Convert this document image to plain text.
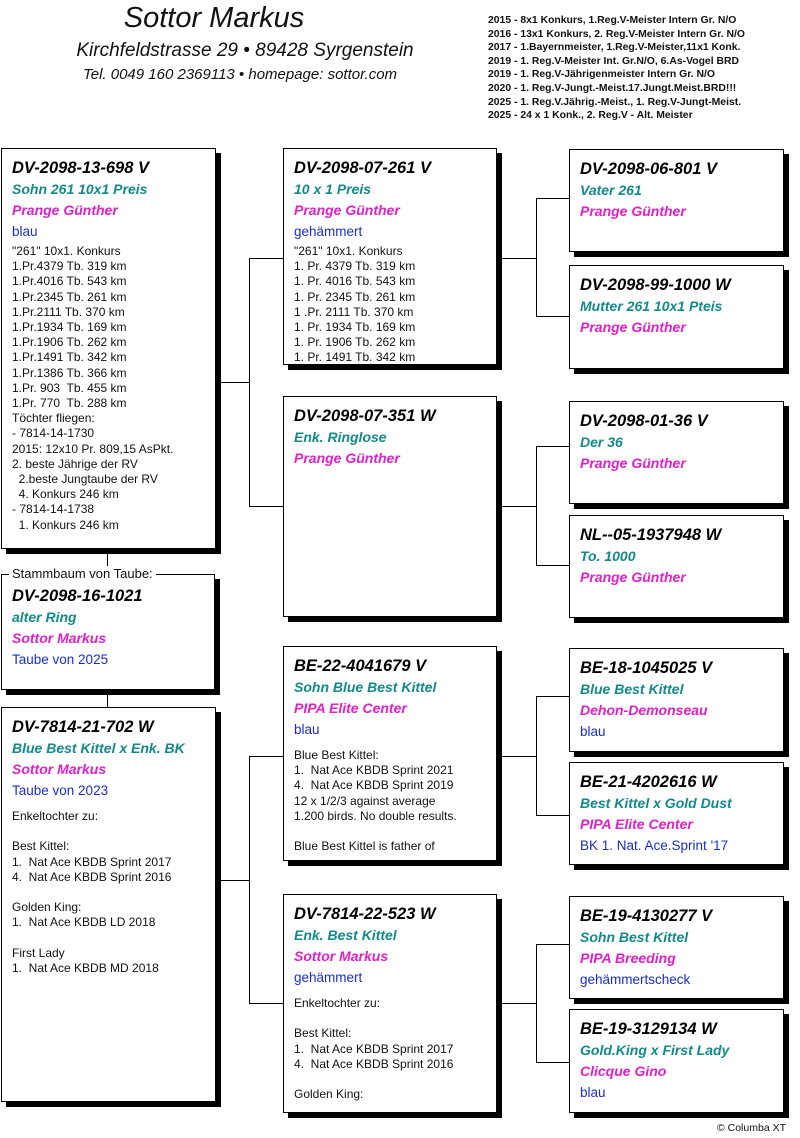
Sottor Markus
Kirchfeldstrasse 29 • 89428 Syrgenstein
Tel. 0049 160 2369113 • homepage: sottor.com
2015 - 8x1 Konkurs, 1.Reg.V-Meister Intern Gr. N/O
2016 - 13x1 Konkurs, 2. Reg.V-Meister Intern Gr. N/O
2017 - 1.Bayernmeister, 1.Reg.V-Meister,11x1 Konk.
2019 - 1. Reg.V-Meister Int. Gr.N/O, 6.As-Vogel BRD
2019 - 1. Reg.V-Jährigenmeister Intern Gr. N/O
2020 - 1. Reg.V-Jungt.-Meist.17.Jungt.Meist.BRD!!!
2025 - 1. Reg.V.Jährig.-Meist., 1. Reg.V-Jungt-Meist.
2025 - 24 x 1 Konk., 2. Reg.V - Alt. Meister
DV-2098-13-698 V
Sohn 261 10x1 Preis
Prange Günther
blau
"261" 10x1. Konkurs
1.Pr.4379 Tb. 319 km
1.Pr.4016 Tb. 543 km
1.Pr.2345 Tb. 261 km
1.Pr.2111 Tb. 370 km
1.Pr.1934 Tb. 169 km
1.Pr.1906 Tb. 262 km
1.Pr.1491 Tb. 342 km
1.Pr.1386 Tb. 366 km
1.Pr. 903  Tb. 455 km
1.Pr. 770  Tb. 288 km
Töchter fliegen:
- 7814-14-1730
2015: 12x10 Pr. 809,15 AsPkt.
2. beste Jährige der RV
2.beste Jungtaube der RV
4. Konkurs 246 km
- 7814-14-1738
1. Konkurs 246 km
DV-2098-16-1021
alter Ring
Sottor Markus
Taube von 2025
Stammbaum von Taube:
DV-7814-21-702 W
Blue Best Kittel x Enk. BK
Sottor Markus
Taube von 2023
Enkeltochter zu:

Best Kittel:
1.  Nat Ace KBDB Sprint 2017
4.  Nat Ace KBDB Sprint 2016

Golden King:
1.  Nat Ace KBDB LD 2018

First Lady
1.  Nat Ace KBDB MD 2018
DV-2098-07-261 V
10 x 1 Preis
Prange Günther
gehämmert
"261" 10x1. Konkurs
1. Pr. 4379 Tb. 319 km
1. Pr. 4016 Tb. 543 km
1. Pr. 2345 Tb. 261 km
1 .Pr. 2111 Tb. 370 km
1. Pr. 1934 Tb. 169 km
1. Pr. 1906 Tb. 262 km
1. Pr. 1491 Tb. 342 km
DV-2098-07-351 W
Enk. Ringlose
Prange Günther
BE-22-4041679 V
Sohn Blue Best Kittel
PIPA Elite Center
blau
Blue Best Kittel:
1.  Nat Ace KBDB Sprint 2021
4.  Nat Ace KBDB Sprint 2019
12 x 1/2/3 against average
1.200 birds. No double results.

Blue Best Kittel is father of
DV-7814-22-523 W
Enk. Best Kittel
Sottor Markus
gehämmert
Enkeltochter zu:

Best Kittel:
1.  Nat Ace KBDB Sprint 2017
4.  Nat Ace KBDB Sprint 2016

Golden King:
DV-2098-06-801 V
Vater 261
Prange Günther
DV-2098-99-1000 W
Mutter 261 10x1 Pteis
Prange Günther
DV-2098-01-36 V
Der 36
Prange Günther
NL--05-1937948 W
To. 1000
Prange Günther
BE-18-1045025 V
Blue Best Kittel
Dehon-Demonseau
blau
BE-21-4202616 W
Best Kittel x Gold Dust
PIPA Elite Center
BK 1. Nat. Ace.Sprint '17
BE-19-4130277 V
Sohn Best Kittel
PIPA Breeding
gehämmertscheck
BE-19-3129134 W
Gold.King x First Lady
Clicque Gino
blau
© Columba XT
